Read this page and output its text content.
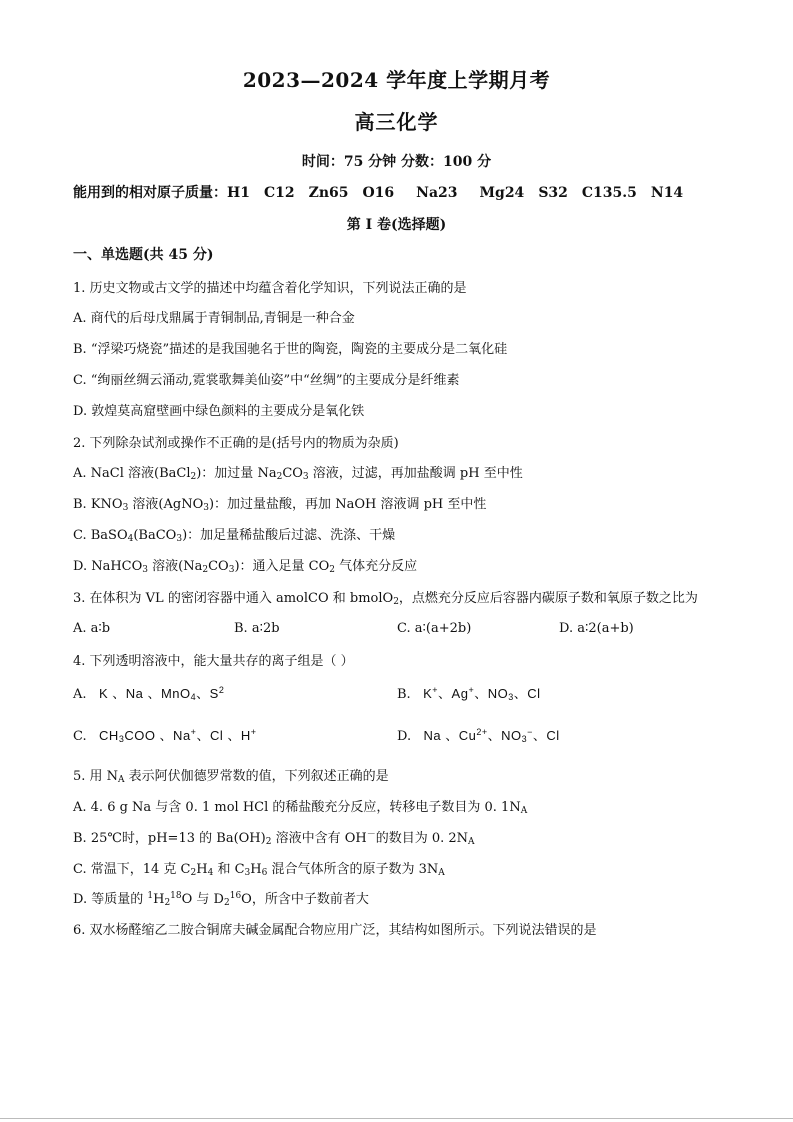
2023—2024 学年度上学期月考
高三化学
时间：75 分钟 分数：100 分
能用到的相对原子质量：H1 C12 Zn65 O16 Na23 Mg24 S32 C135.5 N14
第 I 卷(选择题)
一、单选题(共 45 分)
1. 历史文物或古文学的描述中均蕴含着化学知识，下列说法正确的是
A. 商代的后母戊鼎属于青铜制品,青铜是一种合金
B. “浮梁巧烧瓷”描述的是我国驰名于世的陶瓷，陶瓷的主要成分是二氧化硅
C. “绚丽丝绸云涌动,霓裳歌舞美仙姿”中“丝绸”的主要成分是纤维素
D. 敦煌莫高窟壁画中绿色颜料的主要成分是氧化铁
2. 下列除杂试剂或操作不正确的是(括号内的物质为杂质)
A. NaCl 溶液(BaCl$_2$)：加过量 $Na_2CO_3$ 溶液，过滤，再加盐酸调 pH 至中性
B. $KNO_3$ 溶液(AgNO$_3$)：加过量盐酸，再加 NaOH 溶液调 pH 至中性
C. BaSO$_4$(BaCO$_3$)：加足量稀盐酸后过滤、洗涤、干燥
D. NaHCO$_3$ 溶液$(Na_2CO_3)$：通入足量 $CO_2$ 气体充分反应
3. 在体积为 VL 的密闭容器中通入 amolCO 和 bmolO$_2$，点燃充分反应后容器内碳原子数和氧原子数之比为
A. a∶b	B. a∶2b	C. a∶(a+2b)	D. a∶2(a+b)
4. 下列透明溶液中，能大量共存的离子组是（ ）
A. K 、Na 、MnO$_4$、$S^2$	B. K+、Ag+、$NO_3$、Cl
C. $CH_3COO$ 、Na+、Cl 、H+	D. Na 、$Cu^{2+}$、$NO_3^-$、Cl
5. 用 $N_A$ 表示阿伏伽德罗常数的值，下列叙述正确的是
A. 4. 6 g Na 与含 0. 1 mol HCl 的稀盐酸充分反应，转移电子数目为 0. $1N_A$
B. 25℃时，pH=13 的 $Ba(OH)_2$ 溶液中含有 OH－的数目为 0. $2N_A$
C. 常温下，14 克 $C_2H_4$ 和 $C_3H_6$ 混合气体所含的原子数为 $3N_A$
D. 等质量的 $^1H_2^{18}O$ 与 $D_2^{16}O$，所含中子数前者大
6. 双水杨醛缩乙二胺合铜席夫碱金属配合物应用广泛，其结构如图所示。下列说法错误的是
